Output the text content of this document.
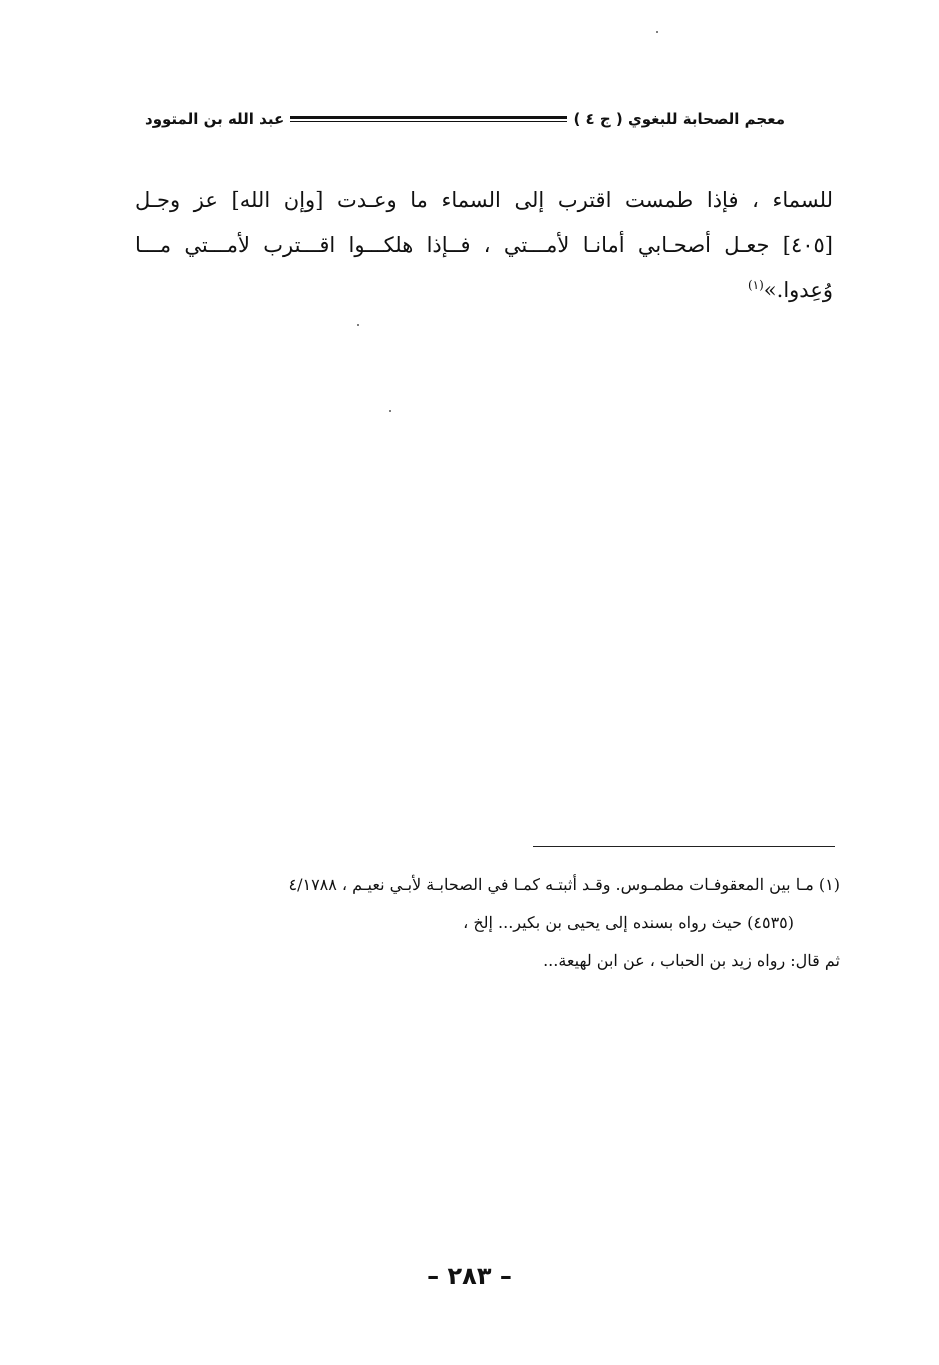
معجم الصحابة للبغوي ( ج ٤ )
عبد الله بن المتوود
للسماء ، فإذا طمست اقترب إلى السماء ما وعـدت [وإن الله] عز وجـل
[٤٠٥] جعـل أصحـابي أمانـا لأمـــتي ، فــإذا هلكـــوا اقـــترب لأمـــتي مـــا
وُعِدوا.»$^{(١)}$
(١) مـا بين المعقوفـات مطمـوس. وقـد أثبتـه كمـا في الصحابـة لأبـي نعيـم ، ٤/١٧٨٨
(٤٥٣٥) حيث رواه بسنده إلى يحيى بن بكير... إلخ ،
ثم قال: رواه زيد بن الحباب ، عن ابن لهيعة...
– ٢٨٣ –
